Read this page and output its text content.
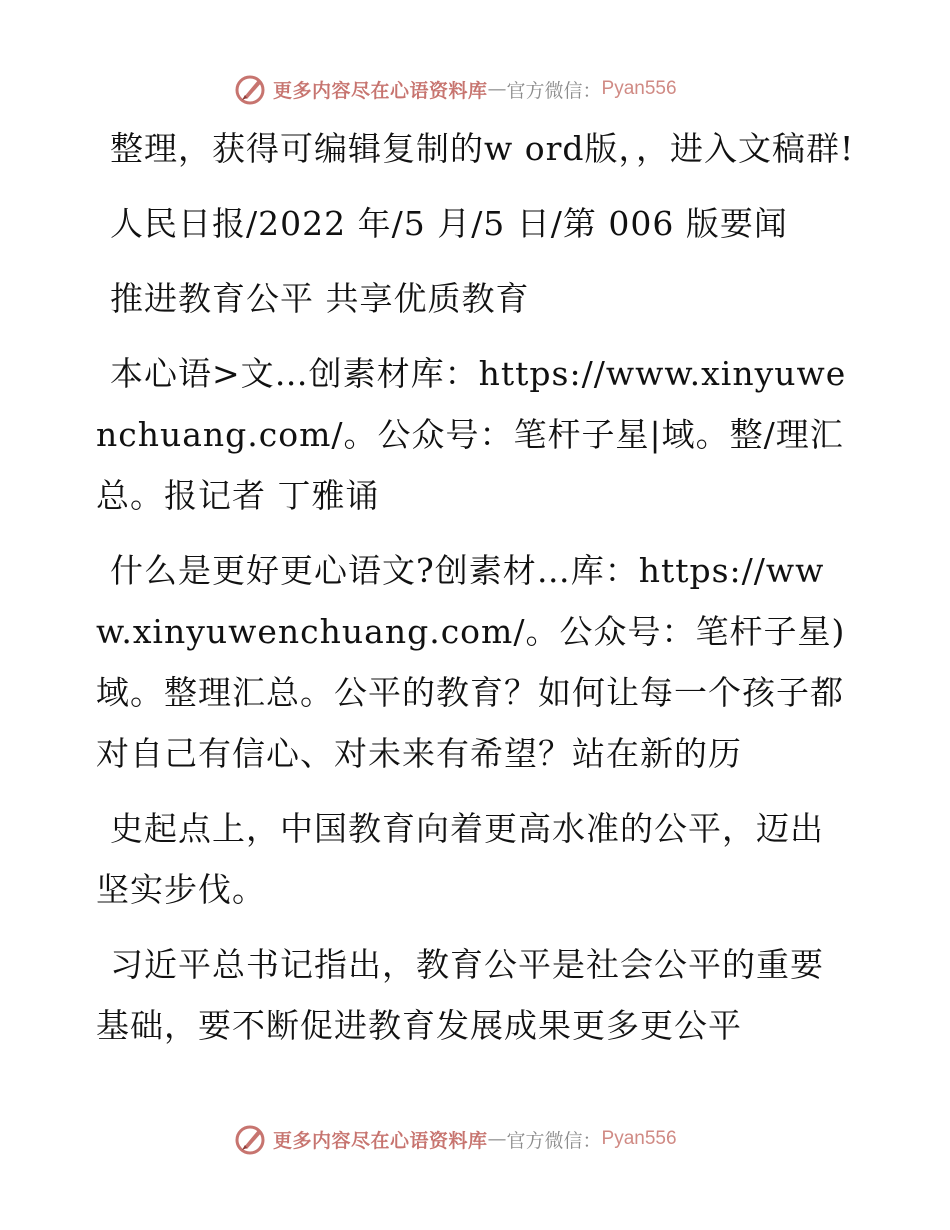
更多内容尽在心语资料库 — 官方微信： Pyan556

整理，获得可编辑复制的w ord版，，进入文稿群!

人民日报/2022 年/5 月/5 日/第 006 版要闻

推进教育公平 共享优质教育

本心语>文…创素材库：https://www.xinyuwenchuang.com/。公众号：笔杆子星|域。整/理汇总。报记者 丁雅诵

什么是更好更心语文?创素材…库：https://www.xinyuwenchuang.com/。公众号：笔杆子星)域。整理汇总。公平的教育？如何让每一个孩子都对自己有信心、对未来有希望？站在新的历

史起点上，中国教育向着更高水准的公平，迈出坚实步伐。

习近平总书记指出，教育公平是社会公平的重要基础，要不断促进教育发展成果更多更公平

更多内容尽在心语资料库 — 官方微信： Pyan556
